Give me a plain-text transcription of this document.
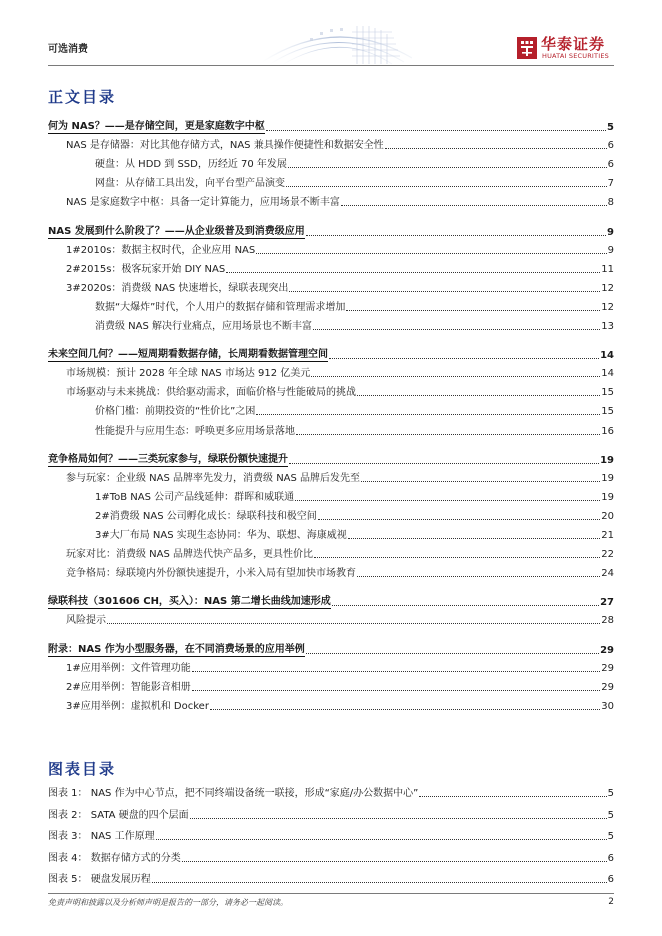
可选消费	华泰证券
HUATAI SECURITIES
正文目录
何为 NAS？——是存储空间，更是家庭数字中枢	5
NAS 是存储器：对比其他存储方式，NAS 兼具操作便捷性和数据安全性	6
硬盘：从 HDD 到 SSD，历经近 70 年发展	6
网盘：从存储工具出发，向平台型产品演变	7
NAS 是家庭数字中枢：具备一定计算能力，应用场景不断丰富	8
NAS 发展到什么阶段了？——从企业级普及到消费级应用	9
1#2010s：数据主权时代，企业应用 NAS	9
2#2015s：极客玩家开始 DIY NAS	11
3#2020s：消费级 NAS 快速增长，绿联表现突出	12
数据“大爆炸”时代，个人用户的数据存储和管理需求增加	12
消费级 NAS 解决行业痛点，应用场景也不断丰富	13
未来空间几何？——短周期看数据存储，长周期看数据管理空间	14
市场规模：预计 2028 年全球 NAS 市场达 912 亿美元	14
市场驱动与未来挑战：供给驱动需求，面临价格与性能破局的挑战	15
价格门槛：前期投资的“性价比”之困	15
性能提升与应用生态：呼唤更多应用场景落地	16
竞争格局如何？——三类玩家参与，绿联份额快速提升	19
参与玩家：企业级 NAS 品牌率先发力，消费级 NAS 品牌后发先至	19
1#ToB NAS 公司产品线延伸：群晖和威联通	19
2#消费级 NAS 公司孵化成长：绿联科技和极空间	20
3#大厂布局 NAS 实现生态协同：华为、联想、海康威视	21
玩家对比：消费级 NAS 品牌迭代快产品多，更具性价比	22
竞争格局：绿联境内外份额快速提升，小米入局有望加快市场教育	24
绿联科技（301606 CH，买入）：NAS 第二增长曲线加速形成	27
风险提示	28
附录：NAS 作为小型服务器，在不同消费场景的应用举例	29
1#应用举例：文件管理功能	29
2#应用举例：智能影音相册	29
3#应用举例：虚拟机和 Docker	30
图表目录
图表 1： NAS 作为中心节点，把不同终端设备统一联接，形成“家庭/办公数据中心”	5
图表 2： SATA 硬盘的四个层面	5
图表 3： NAS 工作原理	5
图表 4： 数据存储方式的分类	6
图表 5： 硬盘发展历程	6
免责声明和披露以及分析师声明是报告的一部分，请务必一起阅读。	2
